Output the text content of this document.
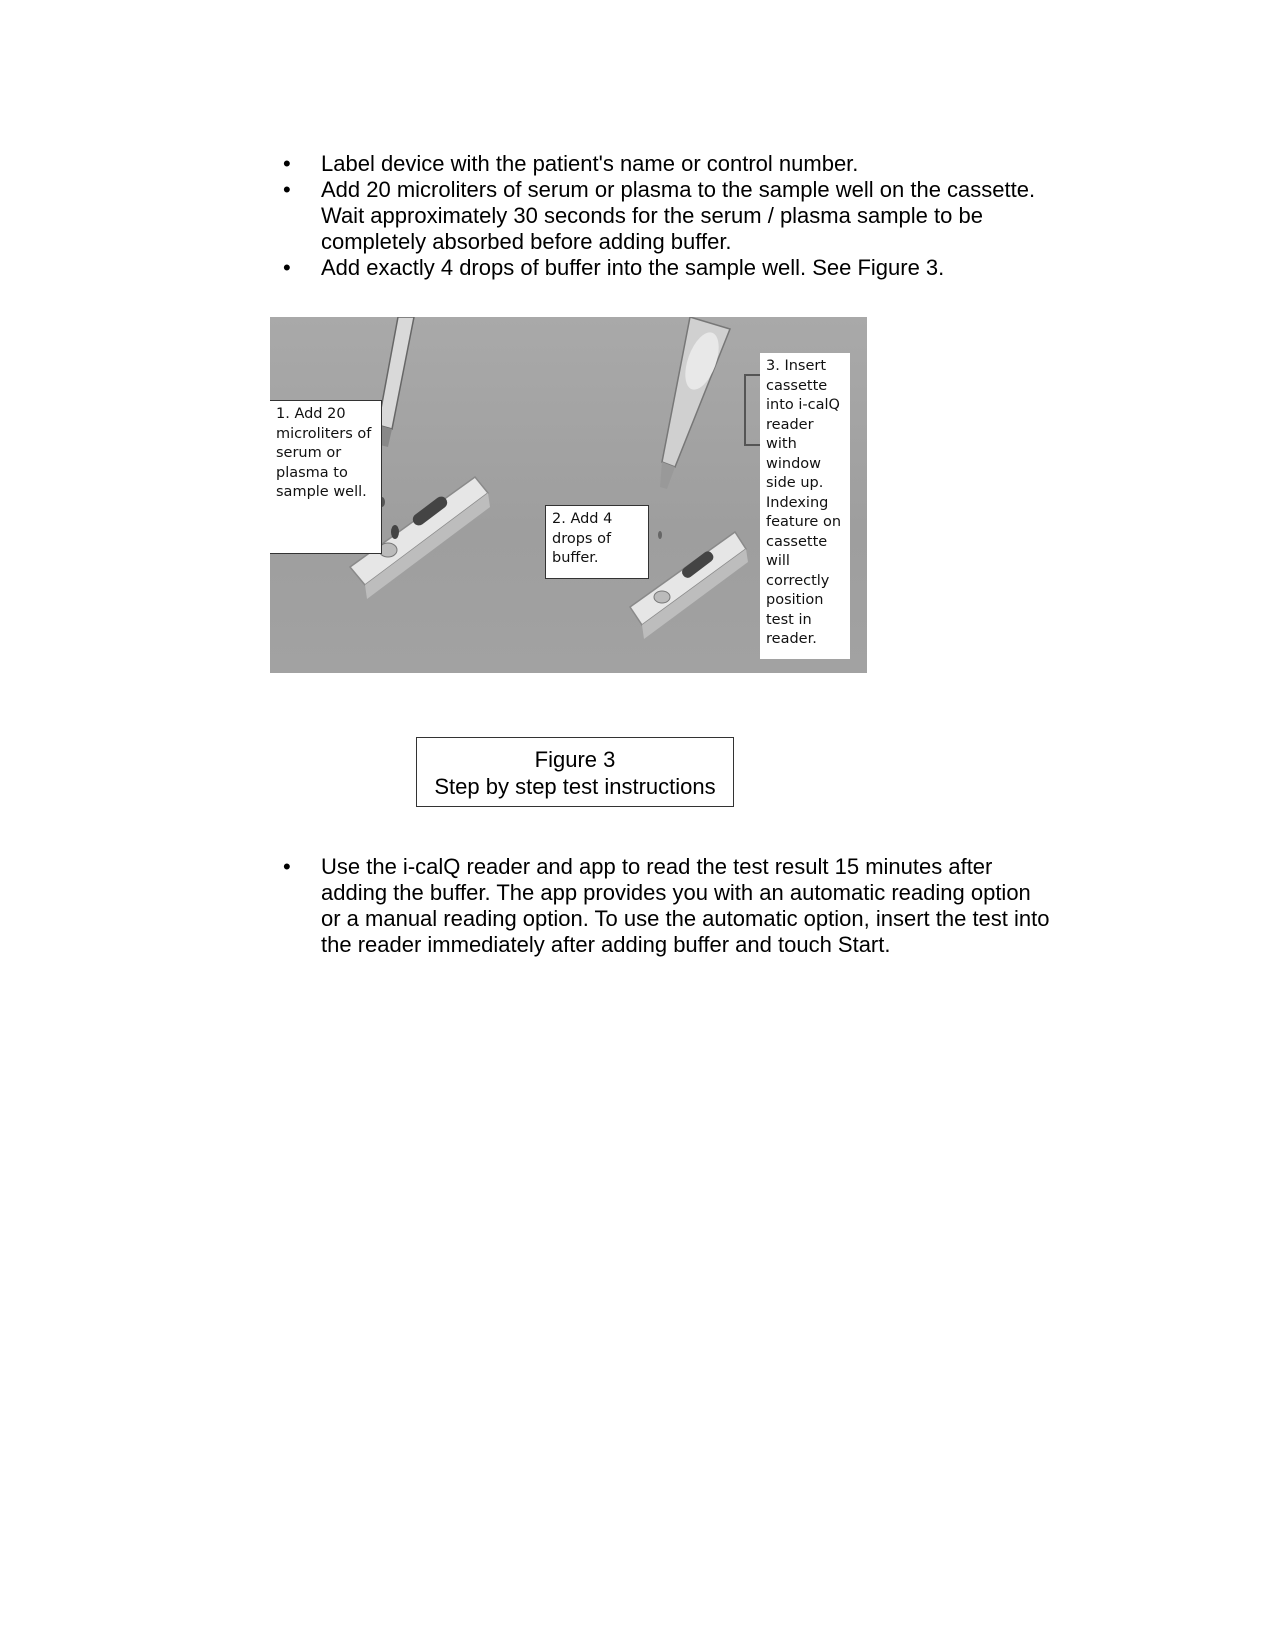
•	Label device with the patient's name or control number.
•	Add 20 microliters of serum or plasma to the sample well on the cassette. Wait approximately 30 seconds for the serum / plasma sample to be completely absorbed before adding buffer.
•	Add exactly 4 drops of buffer into the sample well. See Figure 3.
1. Add 20
microliters of
serum or
plasma to
sample well.
2. Add 4
drops of
buffer.
3. Insert
cassette
into i-calQ
reader
with
window
side up.
Indexing
feature on
cassette
will
correctly
position
test in
reader.
Figure 3
Step by step test instructions
•	Use the i-calQ reader and app to read the test result 15 minutes after adding the buffer. The app provides you with an automatic reading option or a manual reading option. To use the automatic option, insert the test into the reader immediately after adding buffer and touch Start.
